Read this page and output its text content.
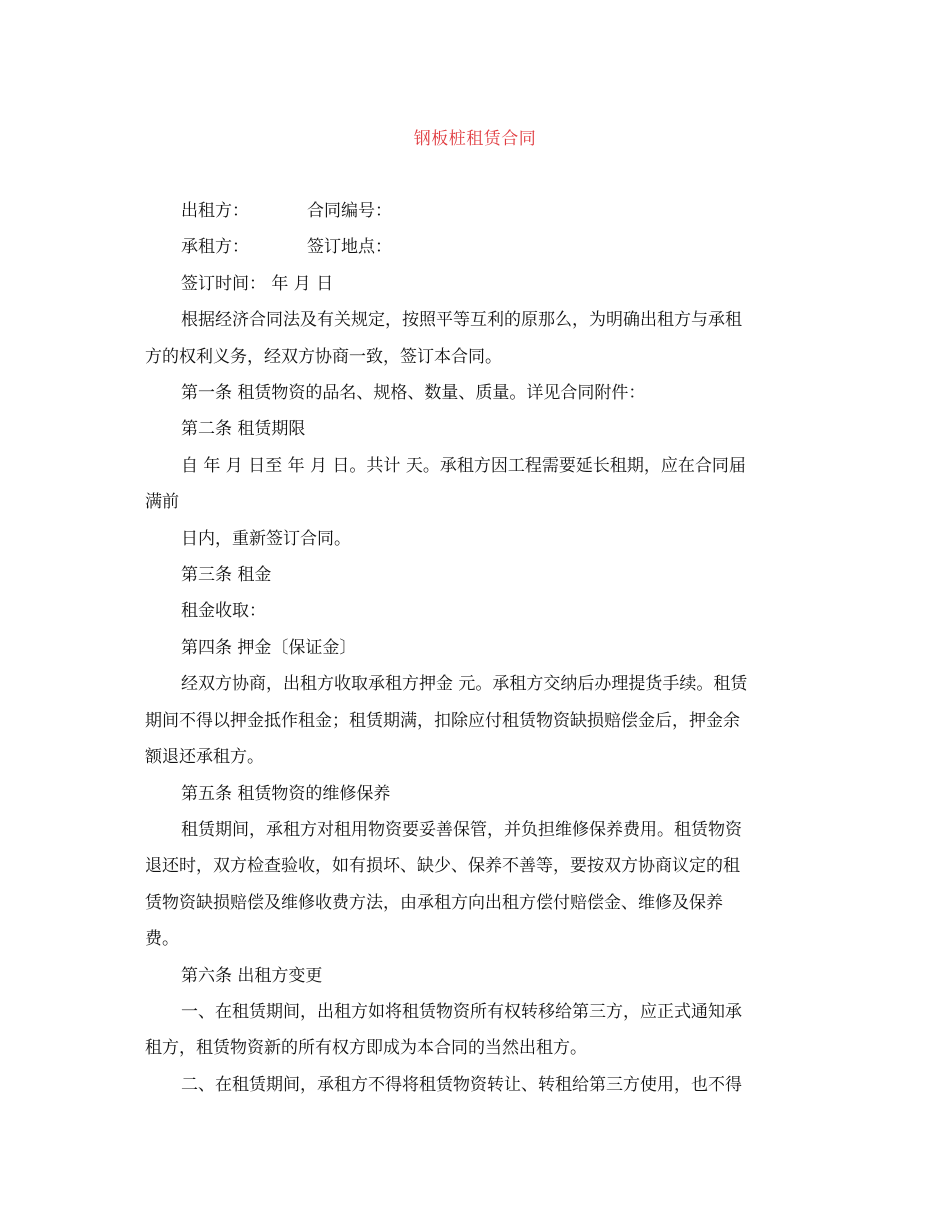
钢板桩租赁合同

出租方：	合同编号：

承租方：	签订地点：

签订时间： 年 月 日

根据经济合同法及有关规定，按照平等互利的原那么，为明确出租方与承租

方的权利义务，经双方协商一致，签订本合同。

第一条 租赁物资的品名、规格、数量、质量。详见合同附件：

第二条 租赁期限

自 年 月 日至 年 月 日。共计 天。承租方因工程需要延长租期，应在合同届

满前

日内，重新签订合同。

第三条 租金

租金收取：

第四条 押金〔保证金〕

经双方协商，出租方收取承租方押金 元。承租方交纳后办理提货手续。租赁

期间不得以押金抵作租金；租赁期满，扣除应付租赁物资缺损赔偿金后，押金余

额退还承租方。

第五条 租赁物资的维修保养

租赁期间，承租方对租用物资要妥善保管，并负担维修保养费用。租赁物资

退还时，双方检查验收，如有损坏、缺少、保养不善等，要按双方协商议定的租

赁物资缺损赔偿及维修收费方法，由承租方向出租方偿付赔偿金、维修及保养

费。

第六条 出租方变更

一、在租赁期间，出租方如将租赁物资所有权转移给第三方，应正式通知承

租方，租赁物资新的所有权方即成为本合同的当然出租方。

二、在租赁期间，承租方不得将租赁物资转让、转租给第三方使用，也不得
